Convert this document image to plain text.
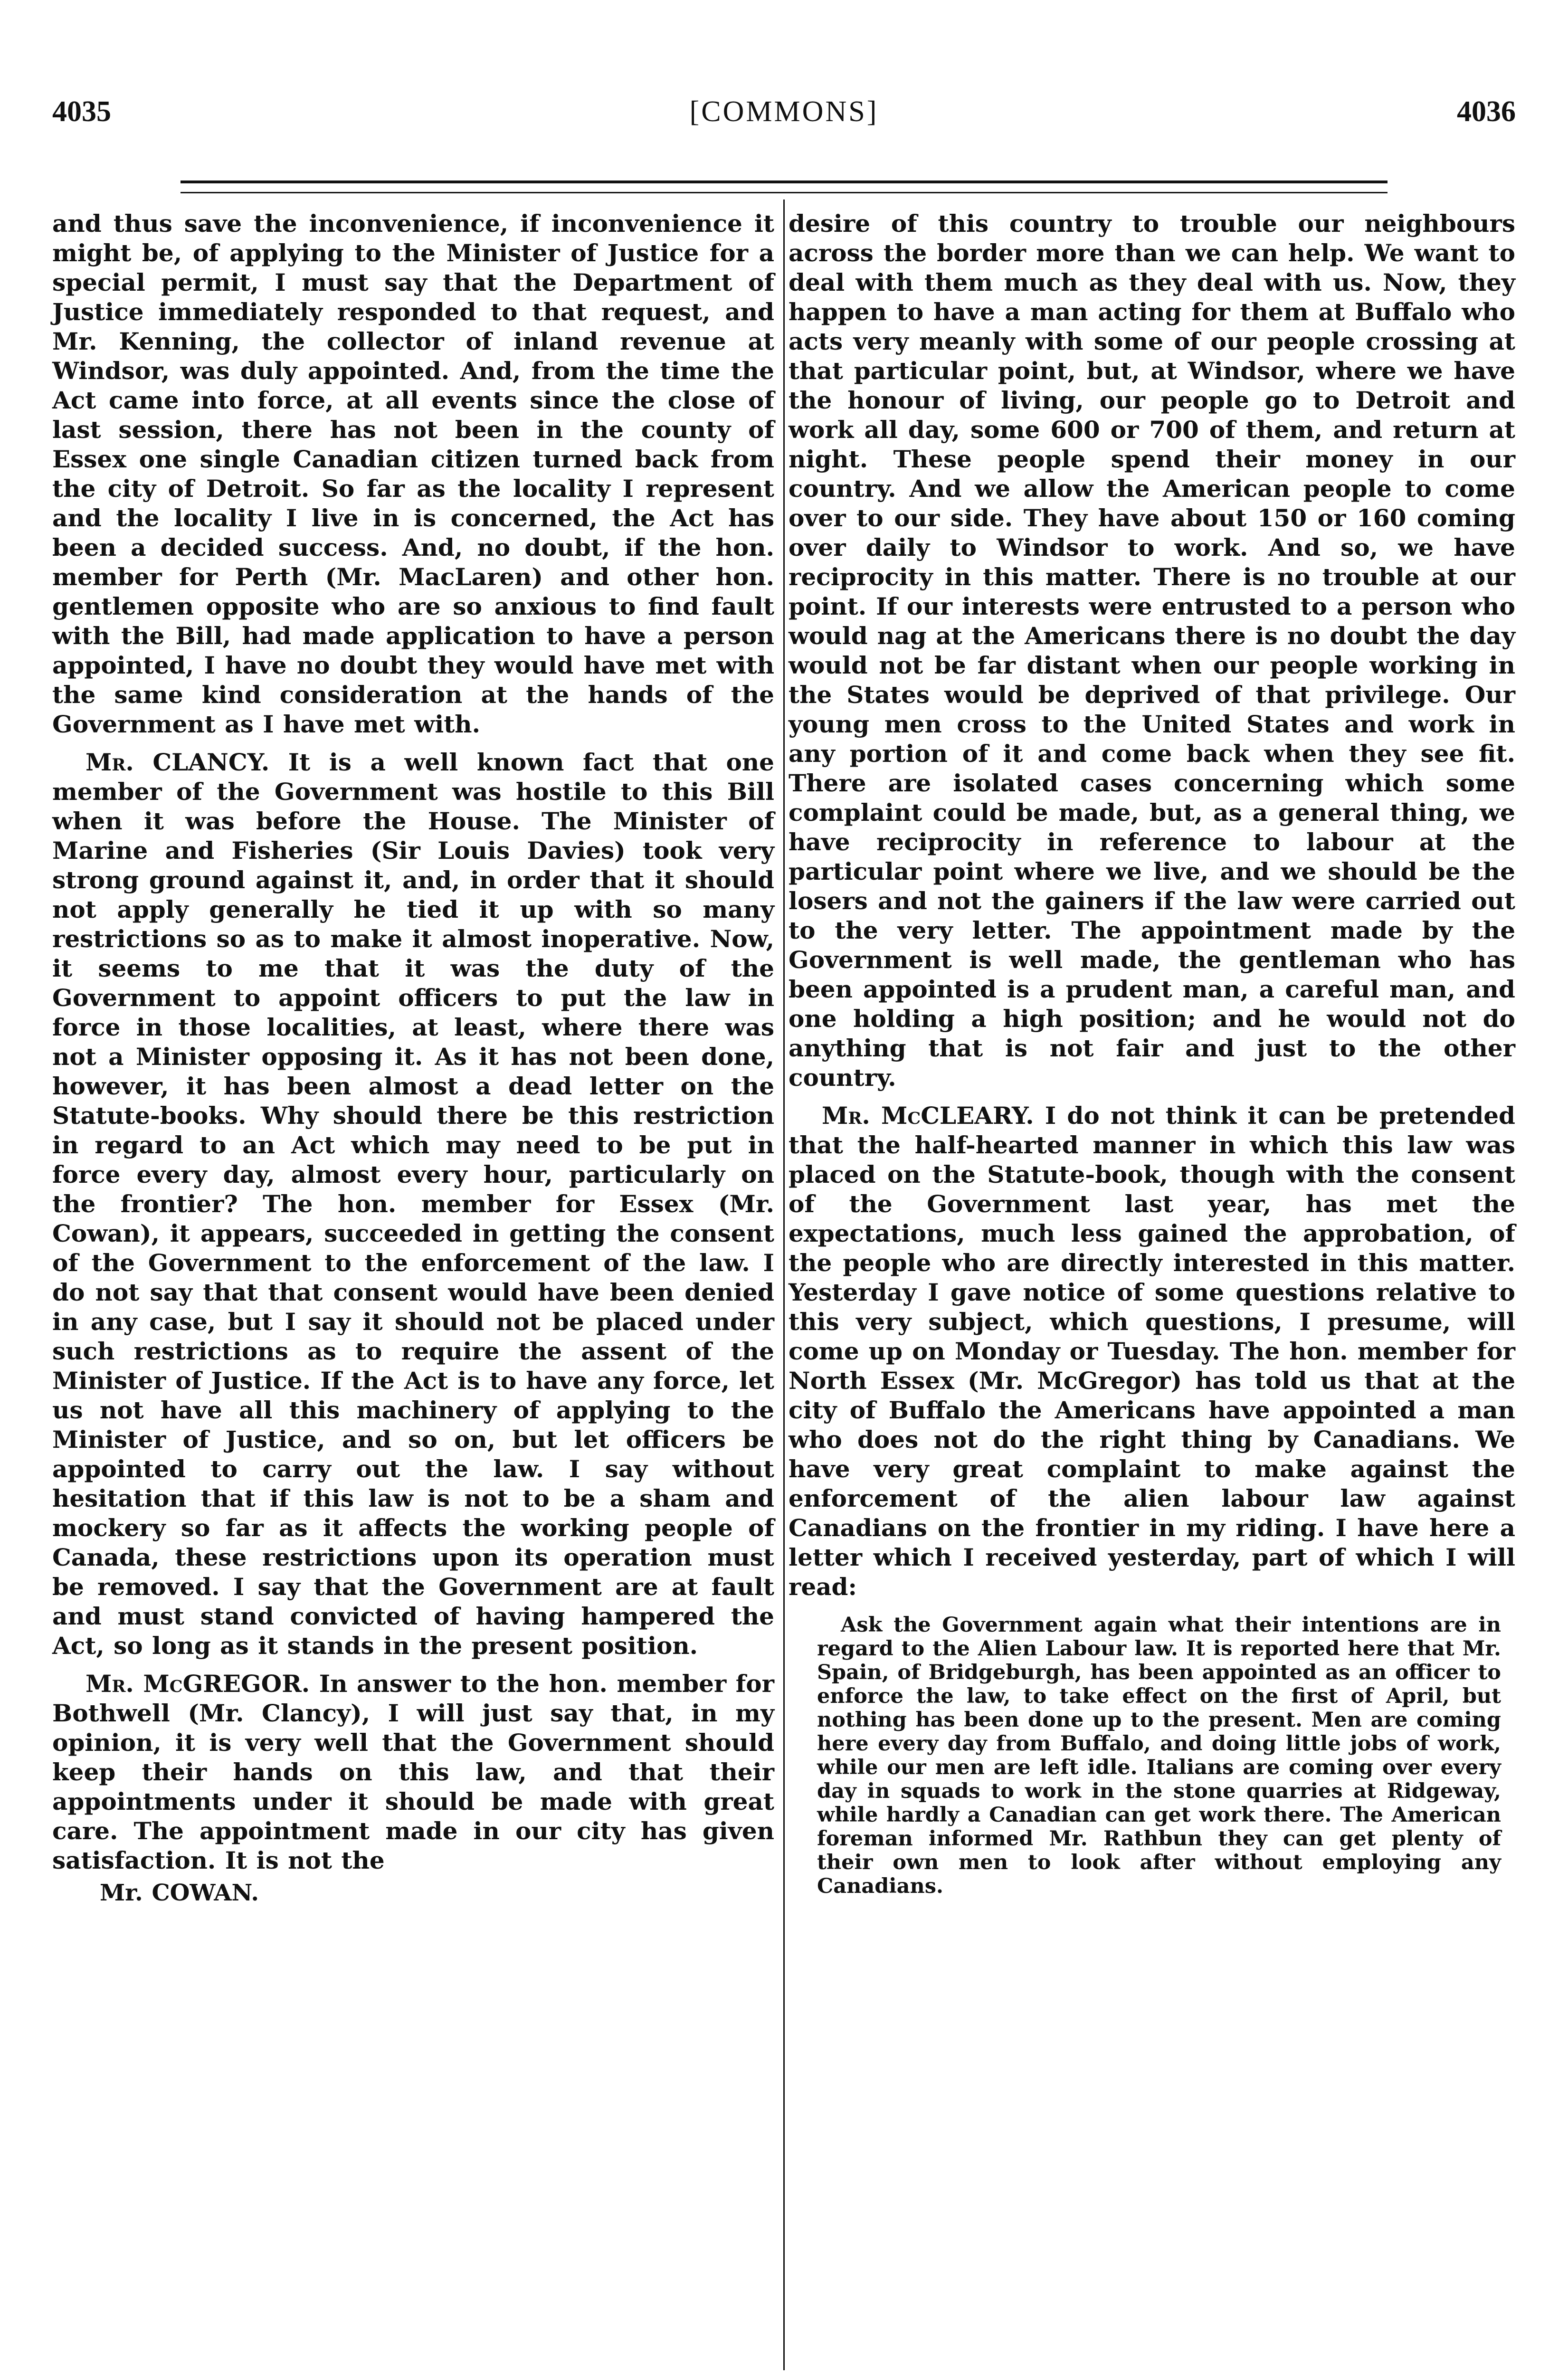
[COMMONS]
4035	4036

and thus save the inconvenience, if inconvenience it might be, of applying to the Minister of Justice for a special permit, I must say that the Department of Justice immediately responded to that request, and Mr. Kenning, the collector of inland revenue at Windsor, was duly appointed. And, from the time the Act came into force, at all events since the close of last session, there has not been in the county of Essex one single Canadian citizen turned back from the city of Detroit. So far as the locality I represent and the locality I live in is concerned, the Act has been a decided success. And, no doubt, if the hon. member for Perth (Mr. MacLaren) and other hon. gentlemen opposite who are so anxious to find fault with the Bill, had made application to have a person appointed, I have no doubt they would have met with the same kind consideration at the hands of the Government as I have met with.

Mr. CLANCY. It is a well known fact that one member of the Government was hostile to this Bill when it was before the House. The Minister of Marine and Fisheries (Sir Louis Davies) took very strong ground against it, and, in order that it should not apply generally he tied it up with so many restrictions so as to make it almost inoperative. Now, it seems to me that it was the duty of the Government to appoint officers to put the law in force in those localities, at least, where there was not a Minister opposing it. As it has not been done, however, it has been almost a dead letter on the Statute-books. Why should there be this restriction in regard to an Act which may need to be put in force every day, almost every hour, particularly on the frontier? The hon. member for Essex (Mr. Cowan), it appears, succeeded in getting the consent of the Government to the enforcement of the law. I do not say that that consent would have been denied in any case, but I say it should not be placed under such restrictions as to require the assent of the Minister of Justice. If the Act is to have any force, let us not have all this machinery of applying to the Minister of Justice, and so on, but let officers be appointed to carry out the law. I say without hesitation that if this law is not to be a sham and mockery so far as it affects the working people of Canada, these restrictions upon its operation must be removed. I say that the Government are at fault and must stand convicted of having hampered the Act, so long as it stands in the present position.

Mr. McGREGOR. In answer to the hon. member for Bothwell (Mr. Clancy), I will just say that, in my opinion, it is very well that the Government should keep their hands on this law, and that their appointments under it should be made with great care. The appointment made in our city has given satisfaction. It is not the

Mr. COWAN.

desire of this country to trouble our neighbours across the border more than we can help. We want to deal with them much as they deal with us. Now, they happen to have a man acting for them at Buffalo who acts very meanly with some of our people crossing at that particular point, but, at Windsor, where we have the honour of living, our people go to Detroit and work all day, some 600 or 700 of them, and return at night. These people spend their money in our country. And we allow the American people to come over to our side. They have about 150 or 160 coming over daily to Windsor to work. And so, we have reciprocity in this matter. There is no trouble at our point. If our interests were entrusted to a person who would nag at the Americans there is no doubt the day would not be far distant when our people working in the States would be deprived of that privilege. Our young men cross to the United States and work in any portion of it and come back when they see fit. There are isolated cases concerning which some complaint could be made, but, as a general thing, we have reciprocity in reference to labour at the particular point where we live, and we should be the losers and not the gainers if the law were carried out to the very letter. The appointment made by the Government is well made, the gentleman who has been appointed is a prudent man, a careful man, and one holding a high position; and he would not do anything that is not fair and just to the other country.

Mr. McCLEARY. I do not think it can be pretended that the half-hearted manner in which this law was placed on the Statute-book, though with the consent of the Government last year, has met the expectations, much less gained the approbation, of the people who are directly interested in this matter. Yesterday I gave notice of some questions relative to this very subject, which questions, I presume, will come up on Monday or Tuesday. The hon. member for North Essex (Mr. McGregor) has told us that at the city of Buffalo the Americans have appointed a man who does not do the right thing by Canadians. We have very great complaint to make against the enforcement of the alien labour law against Canadians on the frontier in my riding. I have here a letter which I received yesterday, part of which I will read:

Ask the Government again what their intentions are in regard to the Alien Labour law. It is reported here that Mr. Spain, of Bridgeburgh, has been appointed as an officer to enforce the law, to take effect on the first of April, but nothing has been done up to the present. Men are coming here every day from Buffalo, and doing little jobs of work, while our men are left idle. Italians are coming over every day in squads to work in the stone quarries at Ridgeway, while hardly a Canadian can get work there. The American foreman informed Mr. Rathbun they can get plenty of their own men to look after without employing any Canadians.
